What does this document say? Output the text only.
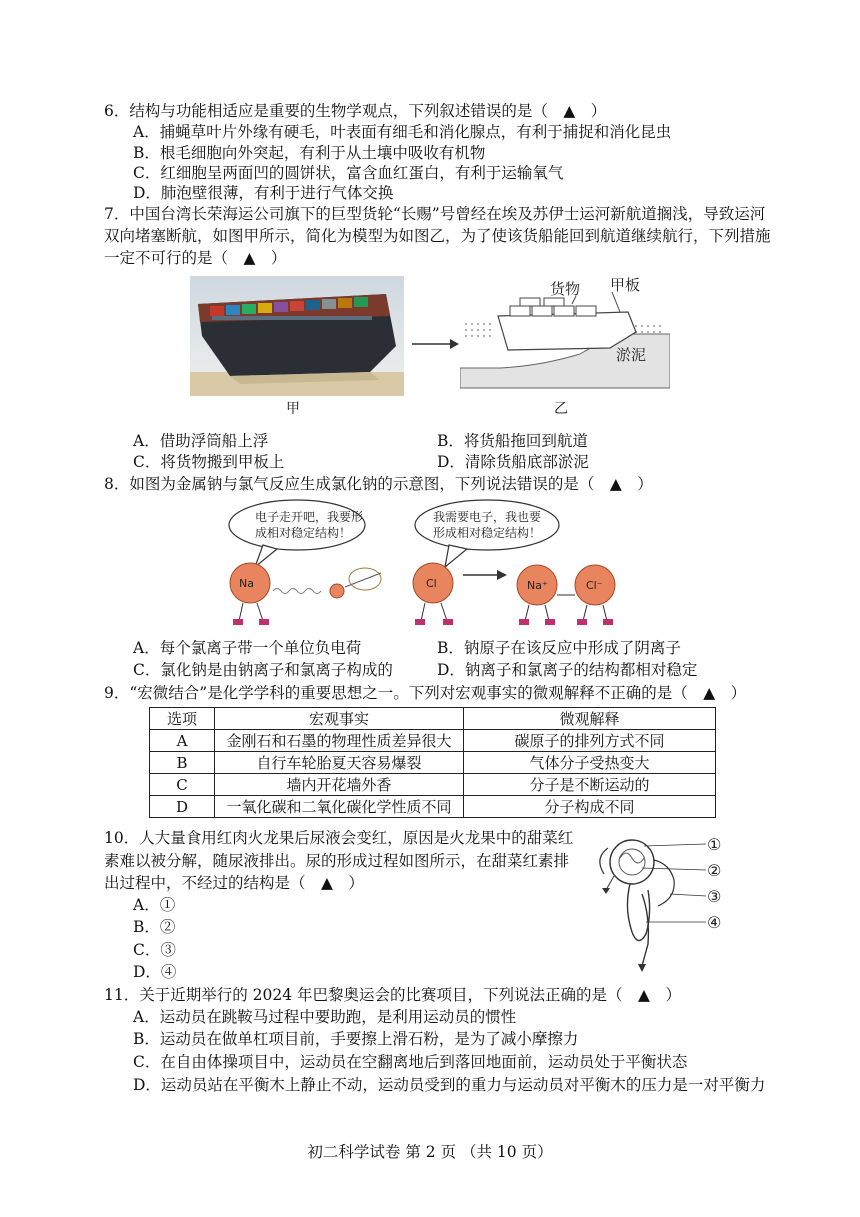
6．结构与功能相适应是重要的生物学观点，下列叙述错误的是（　▲　）
A．捕蝇草叶片外缘有硬毛，叶表面有细毛和消化腺点，有利于捕捉和消化昆虫
B．根毛细胞向外突起，有利于从土壤中吸收有机物
C．红细胞呈两面凹的圆饼状，富含血红蛋白，有利于运输氧气
D．肺泡壁很薄，有利于进行气体交换
7．中国台湾长荣海运公司旗下的巨型货轮“长赐”号曾经在埃及苏伊士运河新航道搁浅，导致运河
双向堵塞断航，如图甲所示，简化为模型为如图乙，为了使该货船能回到航道继续航行，下列措施
一定不可行的是（　▲　）
甲
货物 甲板
淤泥
乙
A．借助浮筒船上浮	B．将货船拖回到航道
C．将货物搬到甲板上	D．清除货船底部淤泥
8．如图为金属钠与氯气反应生成氯化钠的示意图，下列说法错误的是（　▲　）
电子走开吧，我要形
成相对稳定结构！
我需要电子，我也要
形成相对稳定结构！
Na	Cl	Na⁺	Cl⁻
A．每个氯离子带一个单位负电荷	B．钠原子在该反应中形成了阴离子
C．氯化钠是由钠离子和氯离子构成的	D．钠离子和氯离子的结构都相对稳定
9．“宏微结合”是化学学科的重要思想之一。下列对宏观事实的微观解释不正确的是（　▲　）
选项	宏观事实	微观解释
A	金刚石和石墨的物理性质差异很大	碳原子的排列方式不同
B	自行车轮胎夏天容易爆裂	气体分子受热变大
C	墙内开花墙外香	分子是不断运动的
D	一氧化碳和二氧化碳化学性质不同	分子构成不同
10．人大量食用红肉火龙果后尿液会变红，原因是火龙果中的甜菜红
素难以被分解，随尿液排出。尿的形成过程如图所示，在甜菜红素排
出过程中，不经过的结构是（　▲　）
A．①
B．②
C．③
D．④
①
②
③
④
11．关于近期举行的 2024 年巴黎奥运会的比赛项目，下列说法正确的是（　▲　）
A．运动员在跳鞍马过程中要助跑，是利用运动员的惯性
B．运动员在做单杠项目前，手要擦上滑石粉，是为了减小摩擦力
C．在自由体操项目中，运动员在空翻离地后到落回地面前，运动员处于平衡状态
D．运动员站在平衡木上静止不动，运动员受到的重力与运动员对平衡木的压力是一对平衡力
初二科学试卷 第 2 页 （共 10 页）
